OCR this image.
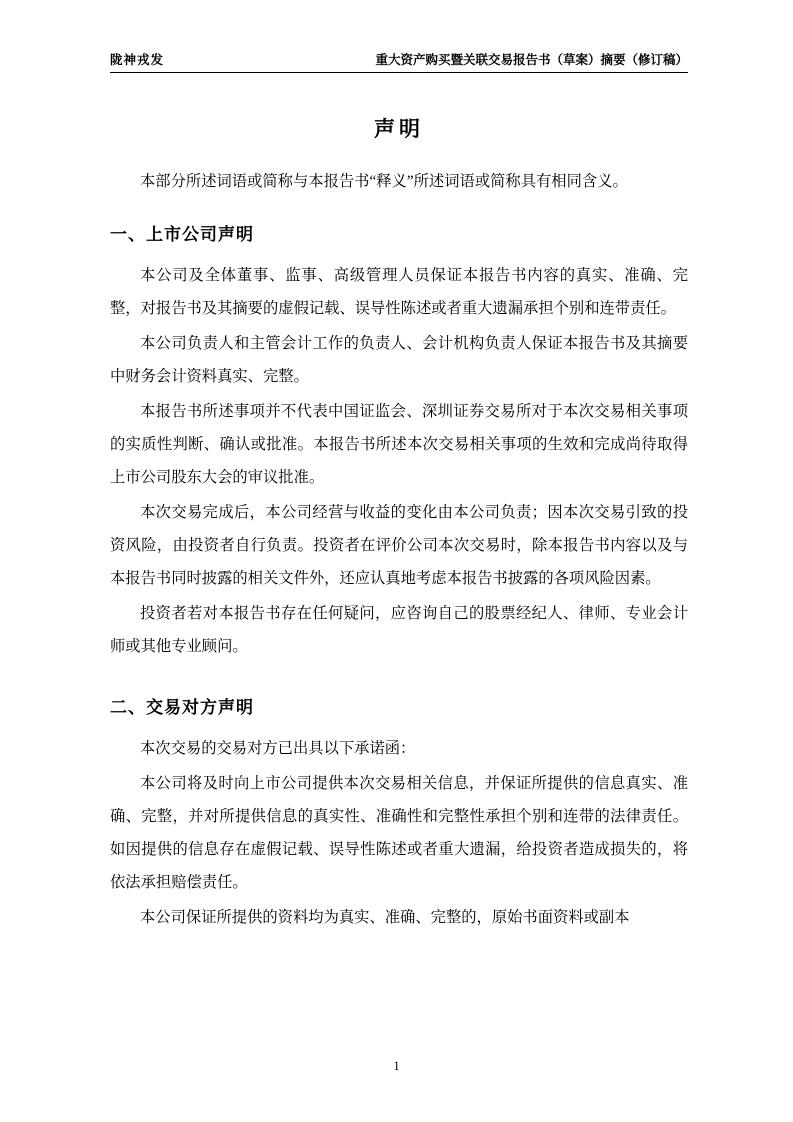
陇神戎发	重大资产购买暨关联交易报告书（草案）摘要（修订稿）
声明

本部分所述词语或简称与本报告书“释义”所述词语或简称具有相同含义。

一、上市公司声明

本公司及全体董事、监事、高级管理人员保证本报告书内容的真实、准确、完整，对报告书及其摘要的虚假记载、误导性陈述或者重大遗漏承担个别和连带责任。

本公司负责人和主管会计工作的负责人、会计机构负责人保证本报告书及其摘要中财务会计资料真实、完整。

本报告书所述事项并不代表中国证监会、深圳证券交易所对于本次交易相关事项的实质性判断、确认或批准。本报告书所述本次交易相关事项的生效和完成尚待取得上市公司股东大会的审议批准。

本次交易完成后，本公司经营与收益的变化由本公司负责；因本次交易引致的投资风险，由投资者自行负责。投资者在评价公司本次交易时，除本报告书内容以及与本报告书同时披露的相关文件外，还应认真地考虑本报告书披露的各项风险因素。

投资者若对本报告书存在任何疑问，应咨询自己的股票经纪人、律师、专业会计师或其他专业顾问。

二、交易对方声明

本次交易的交易对方已出具以下承诺函：

本公司将及时向上市公司提供本次交易相关信息，并保证所提供的信息真实、准确、完整，并对所提供信息的真实性、准确性和完整性承担个别和连带的法律责任。如因提供的信息存在虚假记载、误导性陈述或者重大遗漏，给投资者造成损失的，将依法承担赔偿责任。

本公司保证所提供的资料均为真实、准确、完整的，原始书面资料或副本

1
